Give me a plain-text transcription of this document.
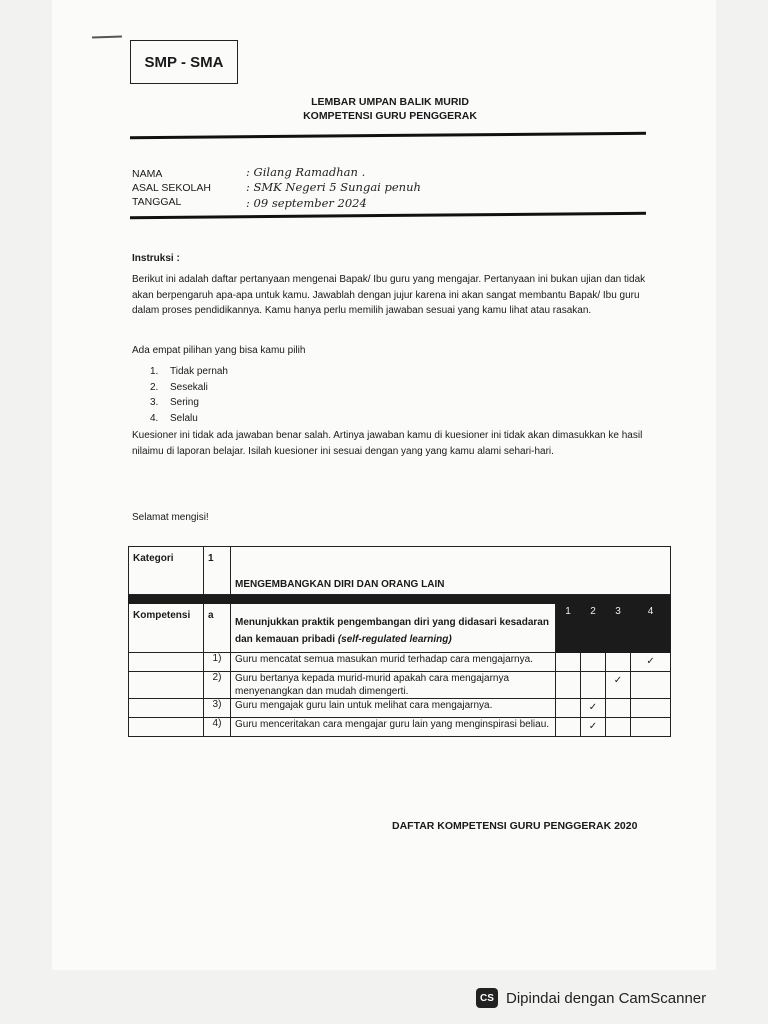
SMP - SMA
LEMBAR UMPAN BALIK MURID
KOMPETENSI GURU PENGGERAK
NAMA	: Gilang Ramadhan .
ASAL SEKOLAH	: SMK Negeri 5 Sungai penuh
TANGGAL	: 09 september 2024
Instruksi :
Berikut ini adalah daftar pertanyaan mengenai Bapak/ Ibu guru yang mengajar. Pertanyaan ini bukan ujian dan tidak akan berpengaruh apa-apa untuk kamu. Jawablah dengan jujur karena ini akan sangat membantu Bapak/ Ibu guru dalam proses pendidikannya. Kamu hanya perlu memilih jawaban sesuai yang kamu lihat atau rasakan.
Ada empat pilihan yang bisa kamu pilih
1. Tidak pernah
2. Sesekali
3. Sering
4. Selalu
Kuesioner ini tidak ada jawaban benar salah. Artinya jawaban kamu di kuesioner ini tidak akan dimasukkan ke hasil nilaimu di laporan belajar. Isilah kuesioner ini sesuai dengan yang yang kamu alami sehari-hari.
Selamat mengisi!
Kategori	1	MENGEMBANGKAN DIRI DAN ORANG LAIN				

Kompetensi	a	Menunjukkan praktik pengembangan diri yang didasari kesadaran dan kemauan pribadi (self-regulated learning)	1	2	3	4
	1)	Guru mencatat semua masukan murid terhadap cara mengajarnya.				✓
	2)	Guru bertanya kepada murid-murid apakah cara mengajarnya menyenangkan dan mudah dimengerti.			✓	
	3)	Guru mengajak guru lain untuk melihat cara mengajarnya.		✓		
	4)	Guru menceritakan cara mengajar guru lain yang menginspirasi beliau.		✓		
DAFTAR KOMPETENSI GURU PENGGERAK 2020
CS Dipindai dengan CamScanner
